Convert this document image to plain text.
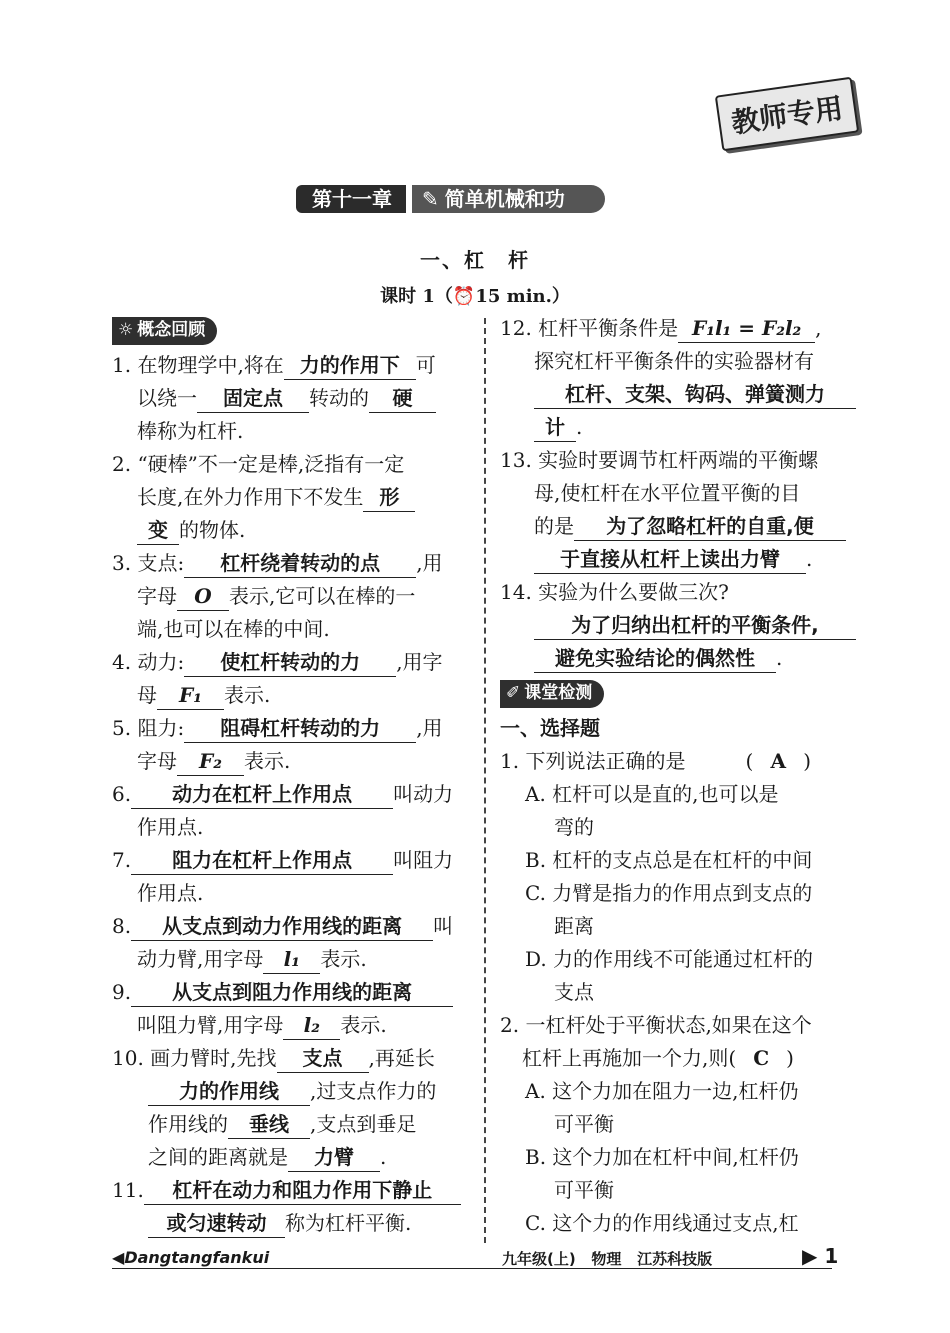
教师专用
第十一章	✎ 简单机械和功
一、杠　杆
课时 1（⏰15 min.）
☼ 概念回顾

1. 在物理学中,将在 力的作用下 可

以绕一 固定点 转动的 硬

棒称为杠杆.

2. “硬棒”不一定是棒,泛指有一定

长度,在外力作用下不发生 形

变 的物体.

3. 支点: 杠杆绕着转动的点 ,用

字母 O 表示,它可以在棒的一

端,也可以在棒的中间.

4. 动力: 使杠杆转动的力 ,用字

母 F₁ 表示.

5. 阻力: 阻碍杠杆转动的力 ,用

字母 F₂ 表示.

6. 动力在杠杆上作用点 叫动力

作用点.

7. 阻力在杠杆上作用点 叫阻力

作用点.

8. 从支点到动力作用线的距离 叫

动力臂,用字母 l₁ 表示.

9. 从支点到阻力作用线的距离

叫阻力臂,用字母 l₂ 表示.

10. 画力臂时,先找 支点 ,再延长

力的作用线 ,过支点作力的

作用线的 垂线 ,支点到垂足

之间的距离就是 力臂 .

11. 杠杆在动力和阻力作用下静止

或匀速转动 称为杠杆平衡.

12. 杠杆平衡条件是 F₁l₁ = F₂l₂ ,

探究杠杆平衡条件的实验器材有

杠杆、支架、钩码、弹簧测力

计 .

13. 实验时要调节杠杆两端的平衡螺

母,使杠杆在水平位置平衡的目

的是 为了忽略杠杆的自重,便

于直接从杠杆上读出力臂 .

14. 实验为什么要做三次?

为了归纳出杠杆的平衡条件,

避免实验结论的偶然性 .

✐ 课堂检测

一、选择题

1. 下列说法正确的是	( A )

A. 杠杆可以是直的,也可以是

弯的

B. 杠杆的支点总是在杠杆的中间

C. 力臂是指力的作用点到支点的

距离

D. 力的作用线不可能通过杠杆的

支点

2. 一杠杆处于平衡状态,如果在这个

杠杆上再施加一个力,则( C )

A. 这个力加在阻力一边,杠杆仍

可平衡

B. 这个力加在杠杆中间,杠杆仍

可平衡

C. 这个力的作用线通过支点,杠

◀Dangtangfankui	九年级(上) 物理 江苏科技版	▶ 1
